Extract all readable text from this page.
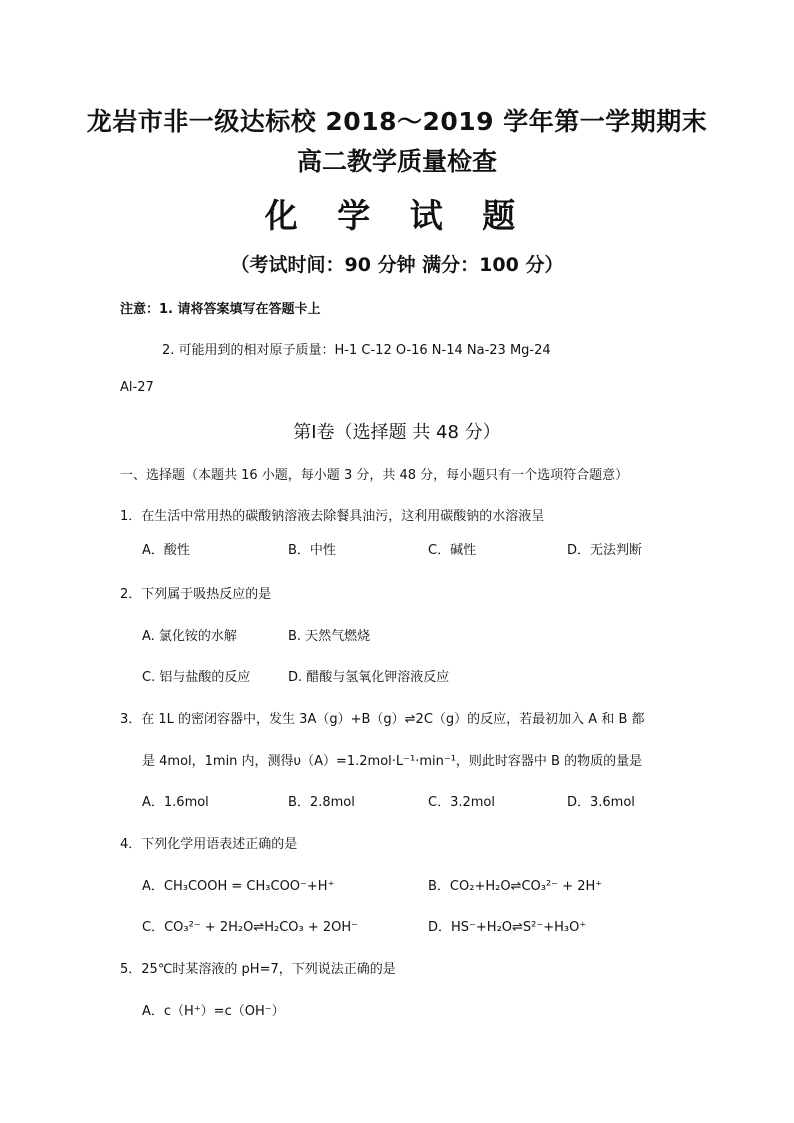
龙岩市非一级达标校 2018～2019 学年第一学期期末
高二教学质量检查
化 学 试 题
（考试时间：90 分钟 满分：100 分）
注意：1. 请将答案填写在答题卡上
2. 可能用到的相对原子质量：H-1 C-12 O-16 N-14 Na-23 Mg-24
Al-27
第Ⅰ卷（选择题 共 48 分）
一、选择题（本题共 16 小题，每小题 3 分，共 48 分，每小题只有一个选项符合题意）
1．在生活中常用热的碳酸钠溶液去除餐具油污，这利用碳酸钠的水溶液呈
A．酸性	B．中性	C．碱性	D．无法判断
2．下列属于吸热反应的是
A. 氯化铵的水解	B. 天然气燃烧
C. 铝与盐酸的反应	D. 醋酸与氢氧化钾溶液反应
3．在 1L 的密闭容器中，发生 3A（g）+B（g）⇌2C（g）的反应，若最初加入 A 和 B 都
是 4mol，1min 内，测得υ（A）=1.2mol·L⁻¹·min⁻¹，则此时容器中 B 的物质的量是
A．1.6mol	B．2.8mol	C．3.2mol	D．3.6mol
4．下列化学用语表述正确的是
A．CH₃COOH = CH₃COO⁻+H⁺	B．CO₂+H₂O⇌CO₃²⁻ + 2H⁺
C．CO₃²⁻ + 2H₂O⇌H₂CO₃ + 2OH⁻	D．HS⁻+H₂O⇌S²⁻+H₃O⁺
5．25℃时某溶液的 pH=7，下列说法正确的是
A．c（H⁺）=c（OH⁻）
